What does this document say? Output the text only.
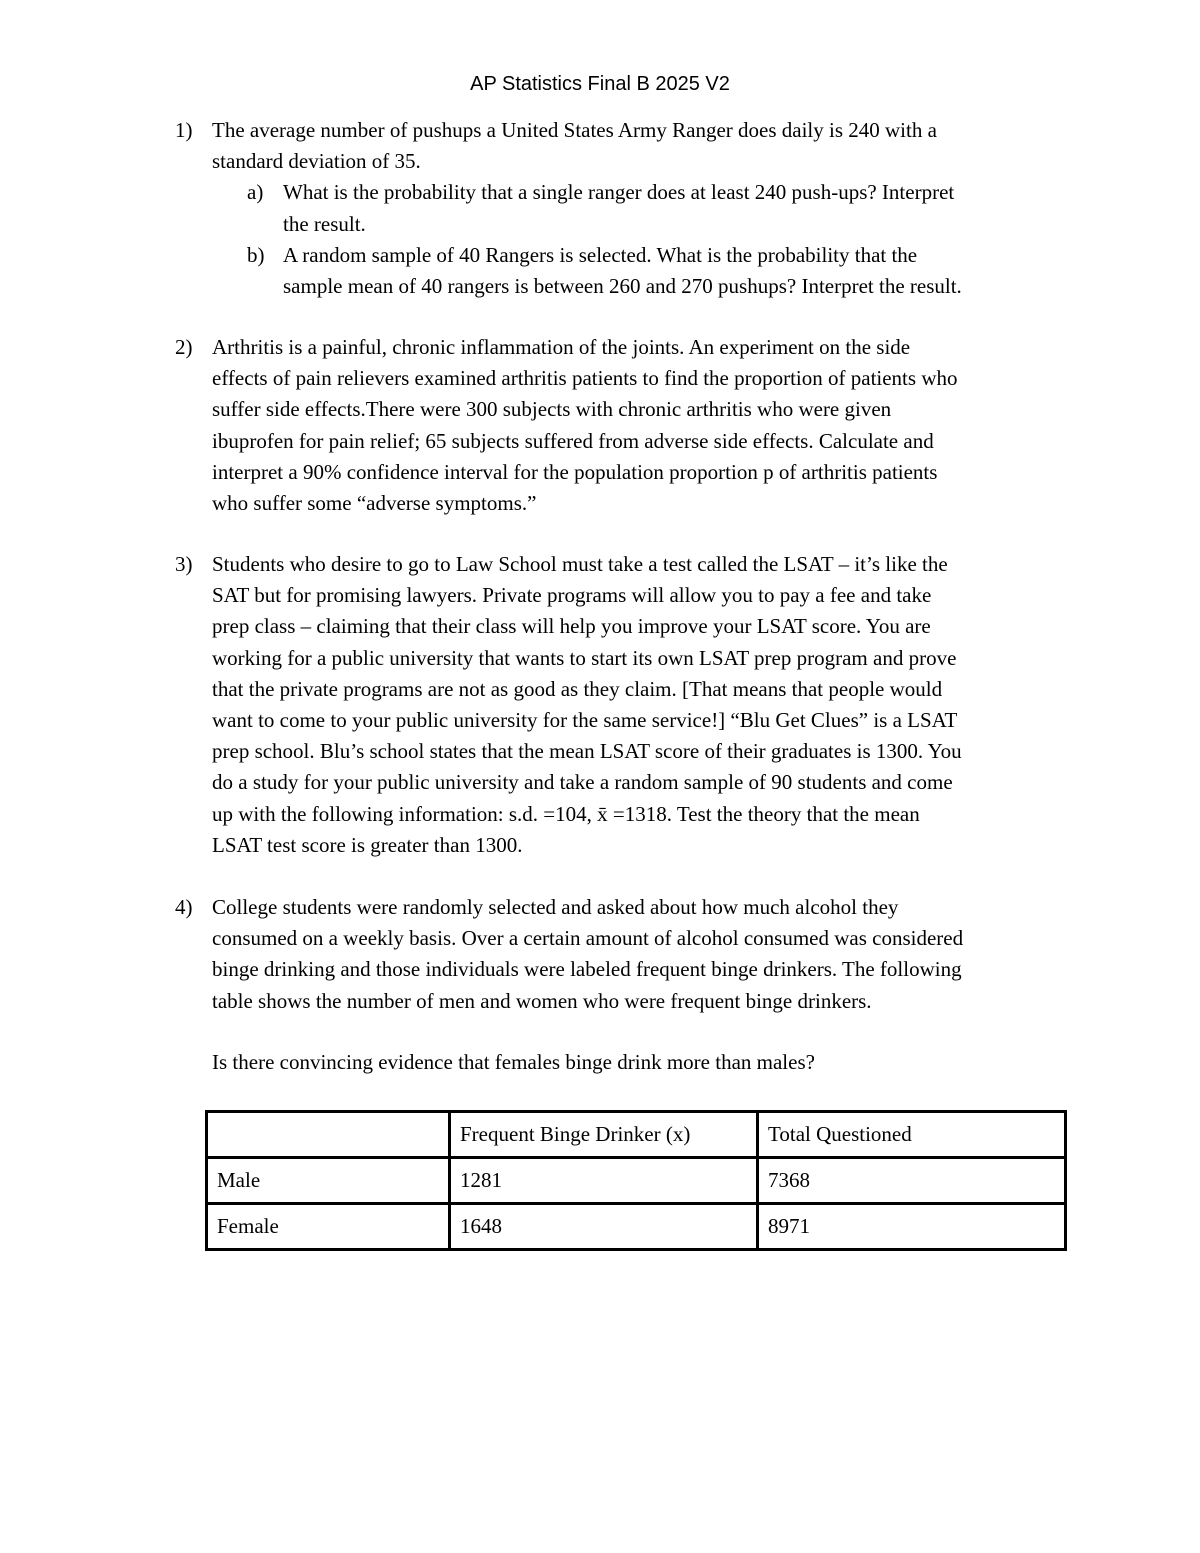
AP Statistics Final B 2025 V2
1) The average number of pushups a United States Army Ranger does daily is 240 with a
standard deviation of 35.
a) What is the probability that a single ranger does at least 240 push-ups? Interpret
the result.
b) A random sample of 40 Rangers is selected. What is the probability that the
sample mean of 40 rangers is between 260 and 270 pushups? Interpret the result.
2) Arthritis is a painful, chronic inflammation of the joints. An experiment on the side
effects of pain relievers examined arthritis patients to find the proportion of patients who
suffer side effects.There were 300 subjects with chronic arthritis who were given
ibuprofen for pain relief; 65 subjects suffered from adverse side effects. Calculate and
interpret a 90% confidence interval for the population proportion p of arthritis patients
who suffer some “adverse symptoms.”
3) Students who desire to go to Law School must take a test called the LSAT – it’s like the
SAT but for promising lawyers. Private programs will allow you to pay a fee and take
prep class – claiming that their class will help you improve your LSAT score. You are
working for a public university that wants to start its own LSAT prep program and prove
that the private programs are not as good as they claim. [That means that people would
want to come to your public university for the same service!] “Blu Get Clues” is a LSAT
prep school. Blu’s school states that the mean LSAT score of their graduates is 1300. You
do a study for your public university and take a random sample of 90 students and come
up with the following information: s.d. =104, x̄ =1318. Test the theory that the mean
LSAT test score is greater than 1300.
4) College students were randomly selected and asked about how much alcohol they
consumed on a weekly basis. Over a certain amount of alcohol consumed was considered
binge drinking and those individuals were labeled frequent binge drinkers. The following
table shows the number of men and women who were frequent binge drinkers.
Is there convincing evidence that females binge drink more than males?
	Frequent Binge Drinker (x)	Total Questioned
Male	1281	7368
Female	1648	8971
